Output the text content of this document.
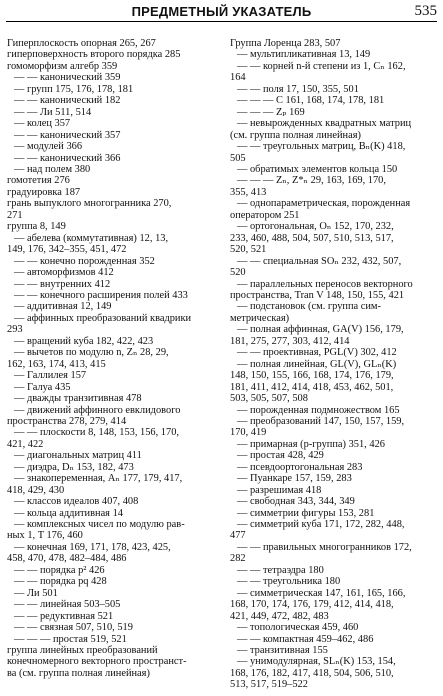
ПРЕДМЕТНЫЙ УКАЗАТЕЛЬ	535
Гиперплоскость опорная 265, 267
гиперповерхность второго порядка 285
гомоморфизм алгебр 359
— — канонический 359
— групп 175, 176, 178, 181
— — канонический 182
— — Ли 511, 514
— колец 357
— — канонический 357
— модулей 366
— — канонический 366
— над полем 380
гомотетия 276
градуировка 187
грань выпуклого многогранника 270,
271
группа 8, 149
— абелева (коммутативная) 12, 13,
149, 176, 342–355, 451, 472
— — конечно порожденная 352
— автоморфизмов 412
— — внутренних 412
— — конечного расширения полей 433
— аддитивная 12, 149
— аффинных преобразований квадрики
293
— вращений куба 182, 422, 423
— вычетов по модулю n, Zₙ 28, 29,
162, 163, 174, 413, 415
— Галлилея 157
— Галуа 435
— дважды транзитивная 478
— движений аффинного евклидового
пространства 278, 279, 414
— — плоскости 8, 148, 153, 156, 170,
421, 422
— диагональных матриц 411
— диэдра, Dₙ 153, 182, 473
— знакопеременная, Aₙ 177, 179, 417,
418, 429, 430
— классов идеалов 407, 408
— кольца аддитивная 14
— комплексных чисел по модулю рав-
ных 1, T 176, 460
— конечная 169, 171, 178, 423, 425,
458, 470, 478, 482–484, 486
— — порядка p² 426
— — порядка pq 428
— Ли 501
— — линейная 503–505
— — редуктивная 521
— — связная 507, 510, 519
— — — простая 519, 521
группа линейных преобразований
конечномерного векторного пространст-
ва (см. группа полная линейная)
Группа Лоренца 283, 507
— мультипликативная 13, 149
— — корней n-й степени из 1, Cₙ 162,
164
— — поля 17, 150, 355, 501
— — — C 161, 168, 174, 178, 181
— — — Zₚ 169
— невырожденных квадратных матриц
(см. группа полная линейная)
— — треугольных матриц, Bₙ(K) 418,
505
— обратимых элементов кольца 150
— — — Zₙ, Z*ₙ 29, 163, 169, 170,
355, 413
— однопараметрическая, порожденная
оператором 251
— ортогональная, Oₙ 152, 170, 232,
233, 460, 488, 504, 507, 510, 513, 517,
520, 521
— — специальная SOₙ 232, 432, 507,
520
— параллельных переносов векторного
пространства, Tran V 148, 150, 155, 421
— подстановок (см. группа сим-
метрическая)
— полная аффинная, GA(V) 156, 179,
181, 275, 277, 303, 412, 414
— — проективная, PGL(V) 302, 412
— полная линейная, GL(V), GLₙ(K)
148, 150, 155, 166, 168, 174, 176, 179,
181, 411, 412, 414, 418, 453, 462, 501,
503, 505, 507, 508
— порожденная подмножеством 165
— преобразований 147, 150, 157, 159,
170, 419
— примарная (p-группа) 351, 426
— простая 428, 429
— псевдоортогональная 283
— Пуанкаре 157, 159, 283
— разрешимая 418
— свободная 343, 344, 349
— симметрии фигуры 153, 281
— симметрий куба 171, 172, 282, 448,
477
— — правильных многогранников 172,
282
— — тетраэдра 180
— — треугольника 180
— симметрическая 147, 161, 165, 166,
168, 170, 174, 176, 179, 412, 414, 418,
421, 449, 472, 482, 483
— топологическая 459, 460
— — компактная 459–462, 486
— транзитивная 155
— унимодулярная, SLₙ(K) 153, 154,
168, 176, 182, 417, 418, 504, 506, 510,
513, 517, 519–522
